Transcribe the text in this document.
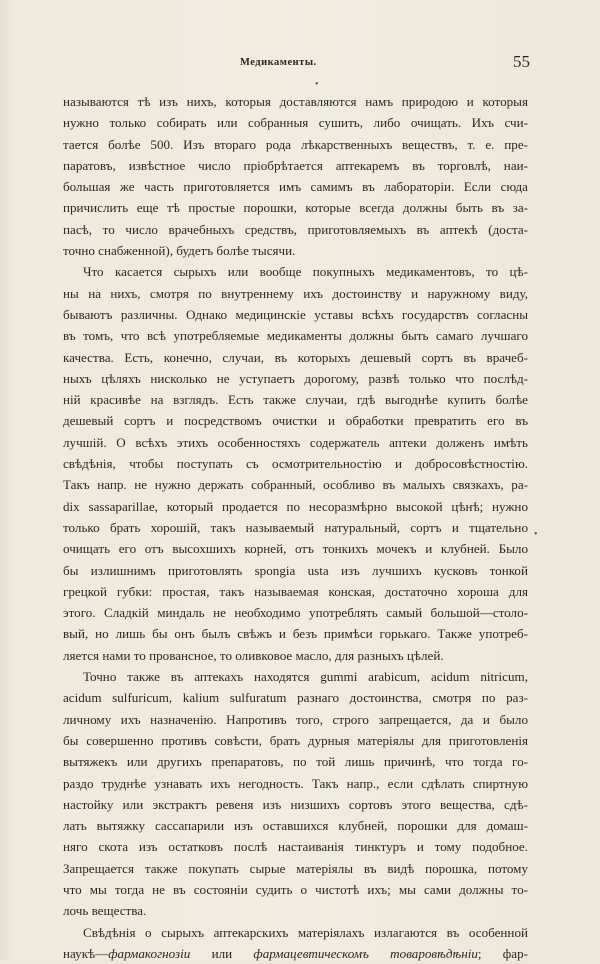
Медикаменты.	55
•
•
называются тѣ изъ нихъ, которыя доставляются намъ природою и которыя
нужно только собирать или собранныя сушить, либо очищать. Ихъ счи-
тается болѣе 500. Изъ втораго рода лѣкарственныхъ веществъ, т. е. пре-
паратовъ, извѣстное число пріобрѣтается аптекаремъ въ торговлѣ, наи-
большая же часть приготовляется имъ самимъ въ лабораторіи. Если сюда
причислить еще тѣ простые порошки, которые всегда должны быть въ за-
пасѣ, то число врачебныхъ средствъ, приготовляемыхъ въ аптекѣ (доста-
точно снабженной), будетъ болѣе тысячи.
Что касается сырыхъ или вообще покупныхъ медикаментовъ, то цѣ-
ны на нихъ, смотря по внутреннему ихъ достоинству и наружному виду,
бываютъ различны. Однако медицинскіе уставы всѣхъ государствъ согласны
въ томъ, что всѣ употребляемые медикаменты должны быть самаго лучшаго
качества. Есть, конечно, случаи, въ которыхъ дешевый сортъ въ врачеб-
ныхъ цѣляхъ нисколько не уступаетъ дорогому, развѣ только что послѣд-
ній красивѣе на взглядъ. Есть также случаи, гдѣ выгоднѣе купить болѣе
дешевый сортъ и посредствомъ очистки и обработки превратить его въ
лучшій. О всѣхъ этихъ особенностяхъ содержатель аптеки долженъ имѣть
свѣдѣнія, чтобы поступать съ осмотрительностію и добросовѣстностію.
Такъ напр. не нужно держать собранный, особливо въ малыхъ связкахъ, ра-
dix sassaparillae, который продается по несоразмѣрно высокой цѣнѣ; нужно
только брать хорошій, такъ называемый натуральный, сортъ и тщательно
очищать его отъ высохшихъ корней, отъ тонкихъ мочекъ и клубней. Было
бы излишнимъ приготовлять spongia usta изъ лучшихъ кусковъ тонкой
грецкой губки: простая, такъ называемая конская, достаточно хороша для
этого. Сладкій миндаль не необходимо употреблять самый большой—столо-
вый, но лишь бы онъ былъ свѣжъ и безъ примѣси горькаго. Также употреб-
ляется нами то провансное, то оливковое масло, для разныхъ цѣлей.
Точно также въ аптекахъ находятся gummi arabicum, acidum nitricum,
acidum sulfuricum, kalium sulfuratum разнаго достоинства, смотря по раз-
личному ихъ назначенію. Напротивъ того, строго запрещается, да и было
бы совершенно противъ совѣсти, брать дурныя матеріялы для приготовленія
вытяжекъ или другихъ препаратовъ, по той лишь причинѣ, что тогда го-
раздо труднѣе узнавать ихъ негодность. Такъ напр., если сдѣлать спиртную
настойку или экстрактъ ревеня изъ низшихъ сортовъ этого вещества, сдѣ-
лать вытяжку сассапарили изъ оставшихся клубней, порошки для домаш-
няго скота изъ остатковъ послѣ настаиванія тинктуръ и тому подобное.
Запрещается также покупать сырые матеріялы въ видѣ порошка, потому
что мы тогда не въ состояніи судить о чистотѣ ихъ; мы сами должны то-
лочь вещества.
Свѣдѣнія о сырыхъ аптекарскихъ матеріялахъ излагаются въ особенной
наукѣ—фармакогнозіи или фармацевтическомъ товаровѣдѣніи; фар-
